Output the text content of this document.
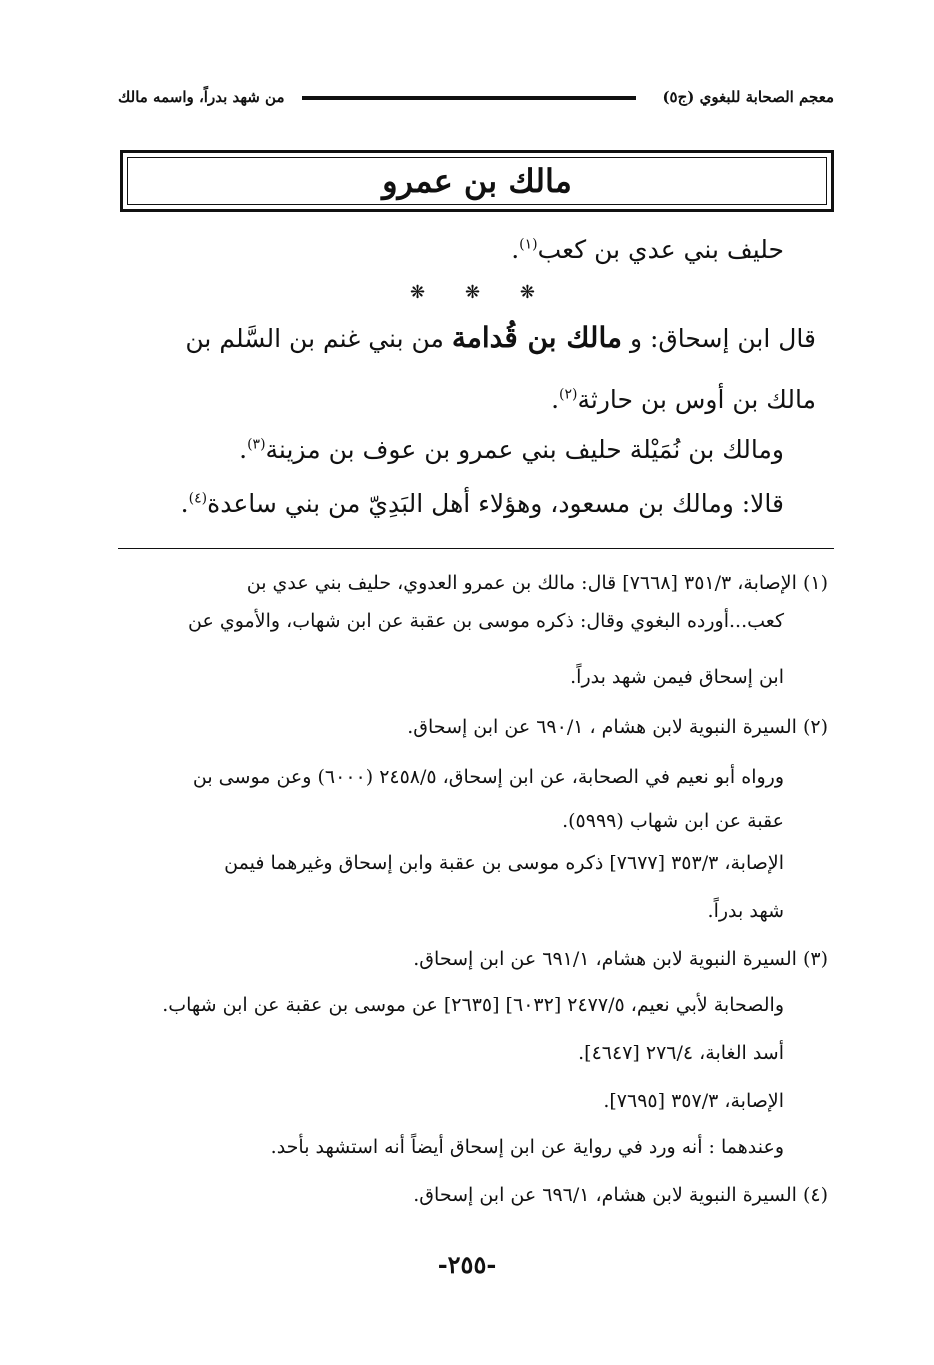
معجم الصحابة للبغوي (ج٥)
من شهد بدراً، واسمه مالك
مالك بن عمرو

حليف بني عدي بن كعب$^{(١)}$.

❋
❋
❋

قال ابن إسحاق: و مالك بن قُدامة من بني غنم بن السَّلم بن

مالك بن أوس بن حارثة$^{(٢)}$.

ومالك بن نُمَيْلة حليف بني عمرو بن عوف بن مزينة$^{(٣)}$.

قالا: ومالك بن مسعود، وهؤلاء أهل البَدِيّ من بني ساعدة$^{(٤)}$.

(١) الإصابة، ٣٥١/٣ [٧٦٦٨] قال: مالك بن عمرو العدوي، حليف بني عدي بن

كعب...أورده البغوي وقال: ذكره موسى بن عقبة عن ابن شهاب، والأموي عن

ابن إسحاق فيمن شهد بدراً.

(٢) السيرة النبوية لابن هشام ، ٦٩٠/١ عن ابن إسحاق.

ورواه أبو نعيم في الصحابة، عن ابن إسحاق، ٢٤٥٨/٥ (٦٠٠٠) وعن موسى بن

عقبة عن ابن شهاب (٥٩٩٩).

الإصابة، ٣٥٣/٣ [٧٦٧٧] ذكره موسى بن عقبة وابن إسحاق وغيرهما فيمن

شهد بدراً.

(٣) السيرة النبوية لابن هشام، ٦٩١/١ عن ابن إسحاق.

والصحابة لأبي نعيم، ٢٤٧٧/٥ [٦٠٣٢] [٢٦٣٥] عن موسى بن عقبة عن ابن شهاب.

أسد الغابة، ٢٧٦/٤ [٤٦٤٧].

الإصابة، ٣٥٧/٣ [٧٦٩٥].

وعندهما : أنه ورد في رواية عن ابن إسحاق أيضاً أنه استشهد بأحد.

(٤) السيرة النبوية لابن هشام، ٦٩٦/١ عن ابن إسحاق.

-٢٥٥-
